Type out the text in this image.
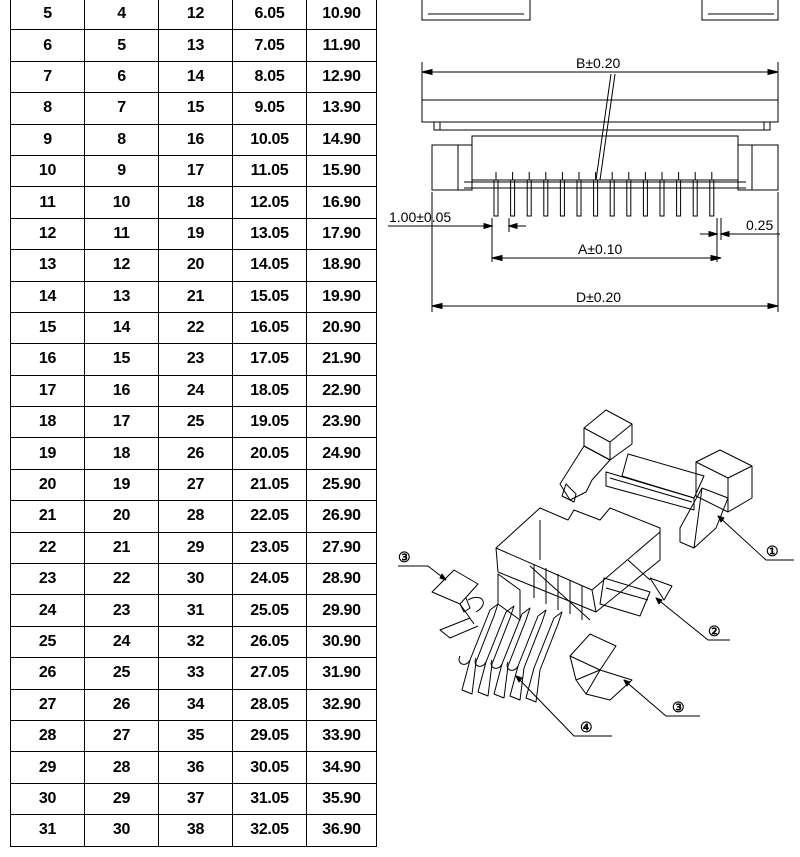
5	4	12	6.05	10.90
6	5	13	7.05	11.90
7	6	14	8.05	12.90
8	7	15	9.05	13.90
9	8	16	10.05	14.90
10	9	17	11.05	15.90
11	10	18	12.05	16.90
12	11	19	13.05	17.90
13	12	20	14.05	18.90
14	13	21	15.05	19.90
15	14	22	16.05	20.90
16	15	23	17.05	21.90
17	16	24	18.05	22.90
18	17	25	19.05	23.90
19	18	26	20.05	24.90
20	19	27	21.05	25.90
21	20	28	22.05	26.90
22	21	29	23.05	27.90
23	22	30	24.05	28.90
24	23	31	25.05	29.90
25	24	32	26.05	30.90
26	25	33	27.05	31.90
27	26	34	28.05	32.90
28	27	35	29.05	33.90
29	28	36	30.05	34.90
30	29	37	31.05	35.90
31	30	38	32.05	36.90
B±0.20
1.00±0.05	0.25
A±0.10
D±0.20
①
②
③
③
④
